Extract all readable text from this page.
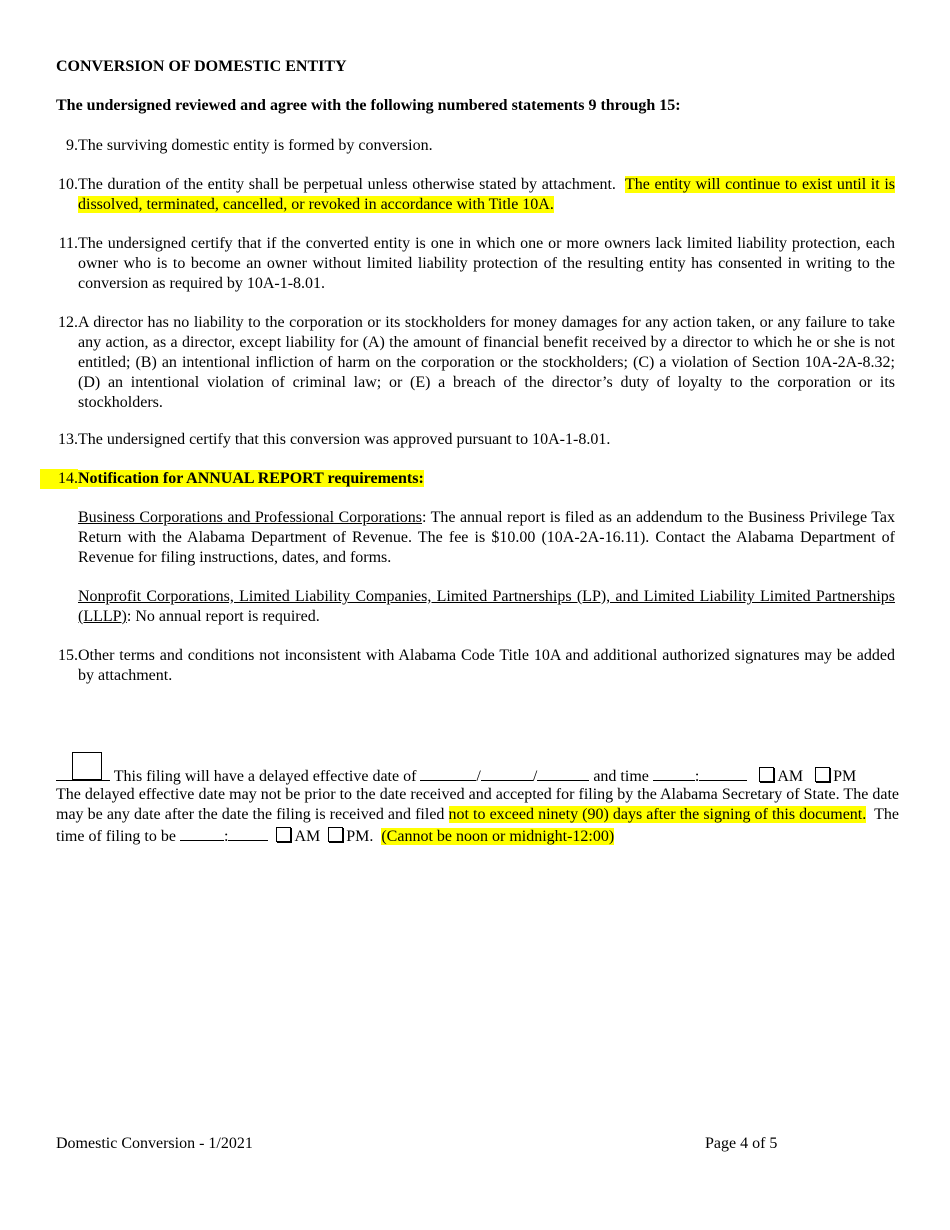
CONVERSION OF DOMESTIC ENTITY
The undersigned reviewed and agree with the following numbered statements 9 through 15:
9. The surviving domestic entity is formed by conversion.
10. The duration of the entity shall be perpetual unless otherwise stated by attachment. The entity will continue to exist until it is dissolved, terminated, cancelled, or revoked in accordance with Title 10A.
11. The undersigned certify that if the converted entity is one in which one or more owners lack limited liability protection, each owner who is to become an owner without limited liability protection of the resulting entity has consented in writing to the conversion as required by 10A-1-8.01.
12. A director has no liability to the corporation or its stockholders for money damages for any action taken, or any failure to take any action, as a director, except liability for (A) the amount of financial benefit received by a director to which he or she is not entitled; (B) an intentional infliction of harm on the corporation or the stockholders; (C) a violation of Section 10A-2A-8.32; (D) an intentional violation of criminal law; or (E) a breach of the director’s duty of loyalty to the corporation or its stockholders.
13. The undersigned certify that this conversion was approved pursuant to 10A-1-8.01.
14. Notification for ANNUAL REPORT requirements:
Business Corporations and Professional Corporations: The annual report is filed as an addendum to the Business Privilege Tax Return with the Alabama Department of Revenue. The fee is $10.00 (10A-2A-16.11). Contact the Alabama Department of Revenue for filing instructions, dates, and forms.
Nonprofit Corporations, Limited Liability Companies, Limited Partnerships (LP), and Limited Liability Limited Partnerships (LLLP): No annual report is required.
15. Other terms and conditions not inconsistent with Alabama Code Title 10A and additional authorized signatures may be added by attachment.
This filing will have a delayed effective date of	/	/	and time	:	AM PM
The delayed effective date may not be prior to the date received and accepted for filing by the Alabama Secretary of State. The date may be any date after the date the filing is received and filed not to exceed ninety (90) days after the signing of this document. The time of filing to be	:	AM PM. (Cannot be noon or midnight-12:00)
Domestic Conversion - 1/2021	Page 4 of 5
